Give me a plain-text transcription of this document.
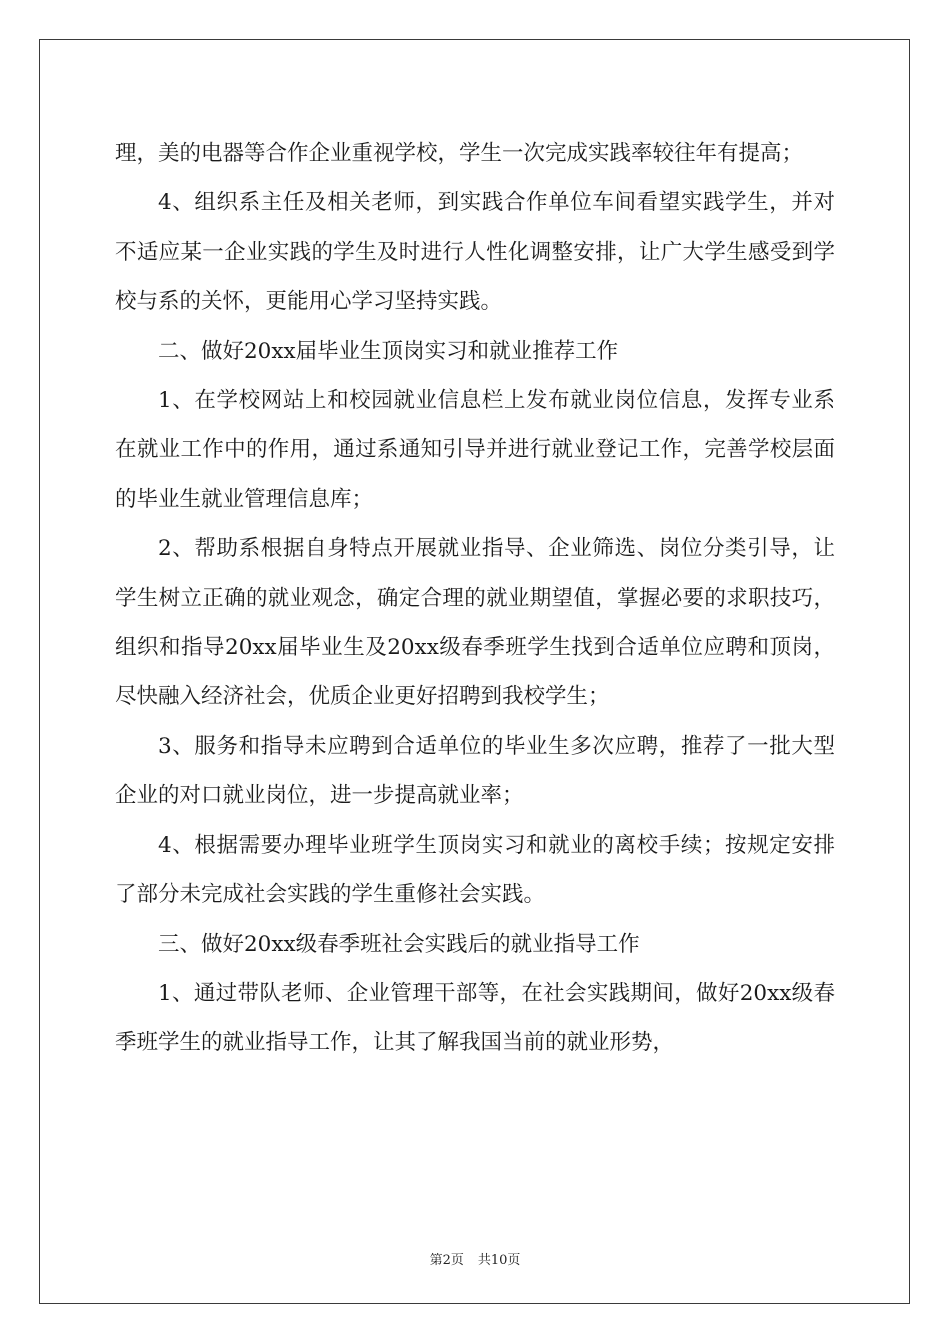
理，美的电器等合作企业重视学校，学生一次完成实践率较往年有提高；

4、组织系主任及相关老师，到实践合作单位车间看望实践学生，并对不适应某一企业实践的学生及时进行人性化调整安排，让广大学生感受到学校与系的关怀，更能用心学习坚持实践。

二、做好20xx届毕业生顶岗实习和就业推荐工作

1、在学校网站上和校园就业信息栏上发布就业岗位信息，发挥专业系在就业工作中的作用，通过系通知引导并进行就业登记工作，完善学校层面的毕业生就业管理信息库；

2、帮助系根据自身特点开展就业指导、企业筛选、岗位分类引导，让学生树立正确的就业观念，确定合理的就业期望值，掌握必要的求职技巧，组织和指导20xx届毕业生及20xx级春季班学生找到合适单位应聘和顶岗，尽快融入经济社会，优质企业更好招聘到我校学生；

3、服务和指导未应聘到合适单位的毕业生多次应聘，推荐了一批大型企业的对口就业岗位，进一步提高就业率；

4、根据需要办理毕业班学生顶岗实习和就业的离校手续；按规定安排了部分未完成社会实践的学生重修社会实践。

三、做好20xx级春季班社会实践后的就业指导工作

1、通过带队老师、企业管理干部等，在社会实践期间，做好20xx级春季班学生的就业指导工作，让其了解我国当前的就业形势，

第2页 共10页
